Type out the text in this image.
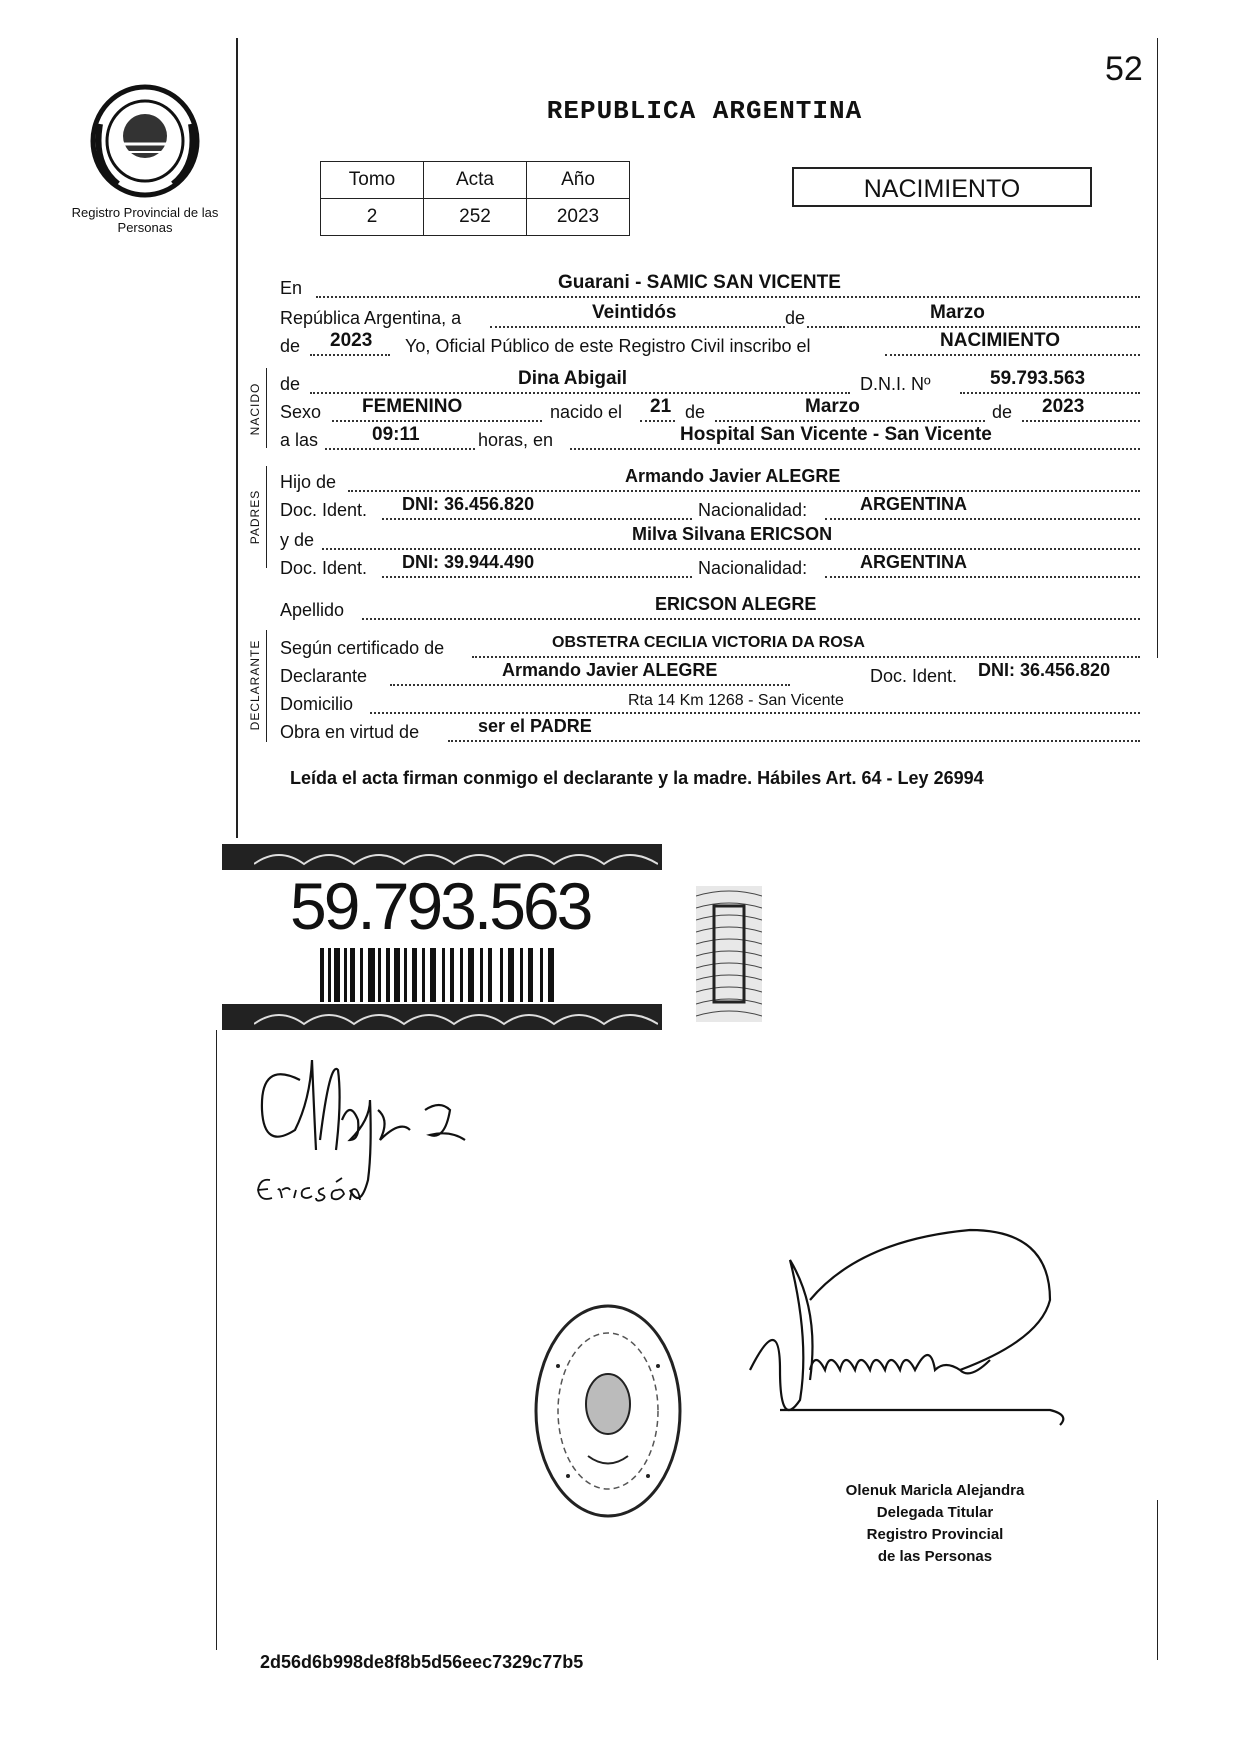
52
Registro Provincial de las Personas
REPUBLICA ARGENTINA
Tomo	Acta	Año
2	252	2023
NACIMIENTO
NACIDO
PADRES
DECLARANTE
En	Guarani - SAMIC SAN VICENTE
República Argentina, a	Veintidós	de	Marzo
de 2023 Yo, Oficial Público de este Registro Civil inscribo el	NACIMIENTO
de	Dina Abigail	D.N.I. Nº	59.793.563
Sexo FEMENINO	nacido el 21 de	Marzo	de 2023
a las	09:11	horas, en	Hospital San Vicente - San Vicente
Hijo de	Armando Javier ALEGRE
Doc. Ident. DNI: 36.456.820	Nacionalidad:	ARGENTINA
y de	Milva Silvana ERICSON
Doc. Ident. DNI: 39.944.490	Nacionalidad:	ARGENTINA
Apellido	ERICSON ALEGRE
Según certificado de	OBSTETRA CECILIA VICTORIA DA ROSA
Declarante	Armando Javier ALEGRE	Doc. Ident. DNI: 36.456.820
Domicilio	Rta 14 Km 1268 - San Vicente
Obra en virtud de	ser el PADRE
Leída el acta firman conmigo el declarante y la madre. Hábiles Art. 64 - Ley 26994
59.793.563
Alegre
Olenuk Maricla Alejandra
Delegada Titular
Registro Provincial
de las Personas
2d56d6b998de8f8b5d56eec7329c77b5
